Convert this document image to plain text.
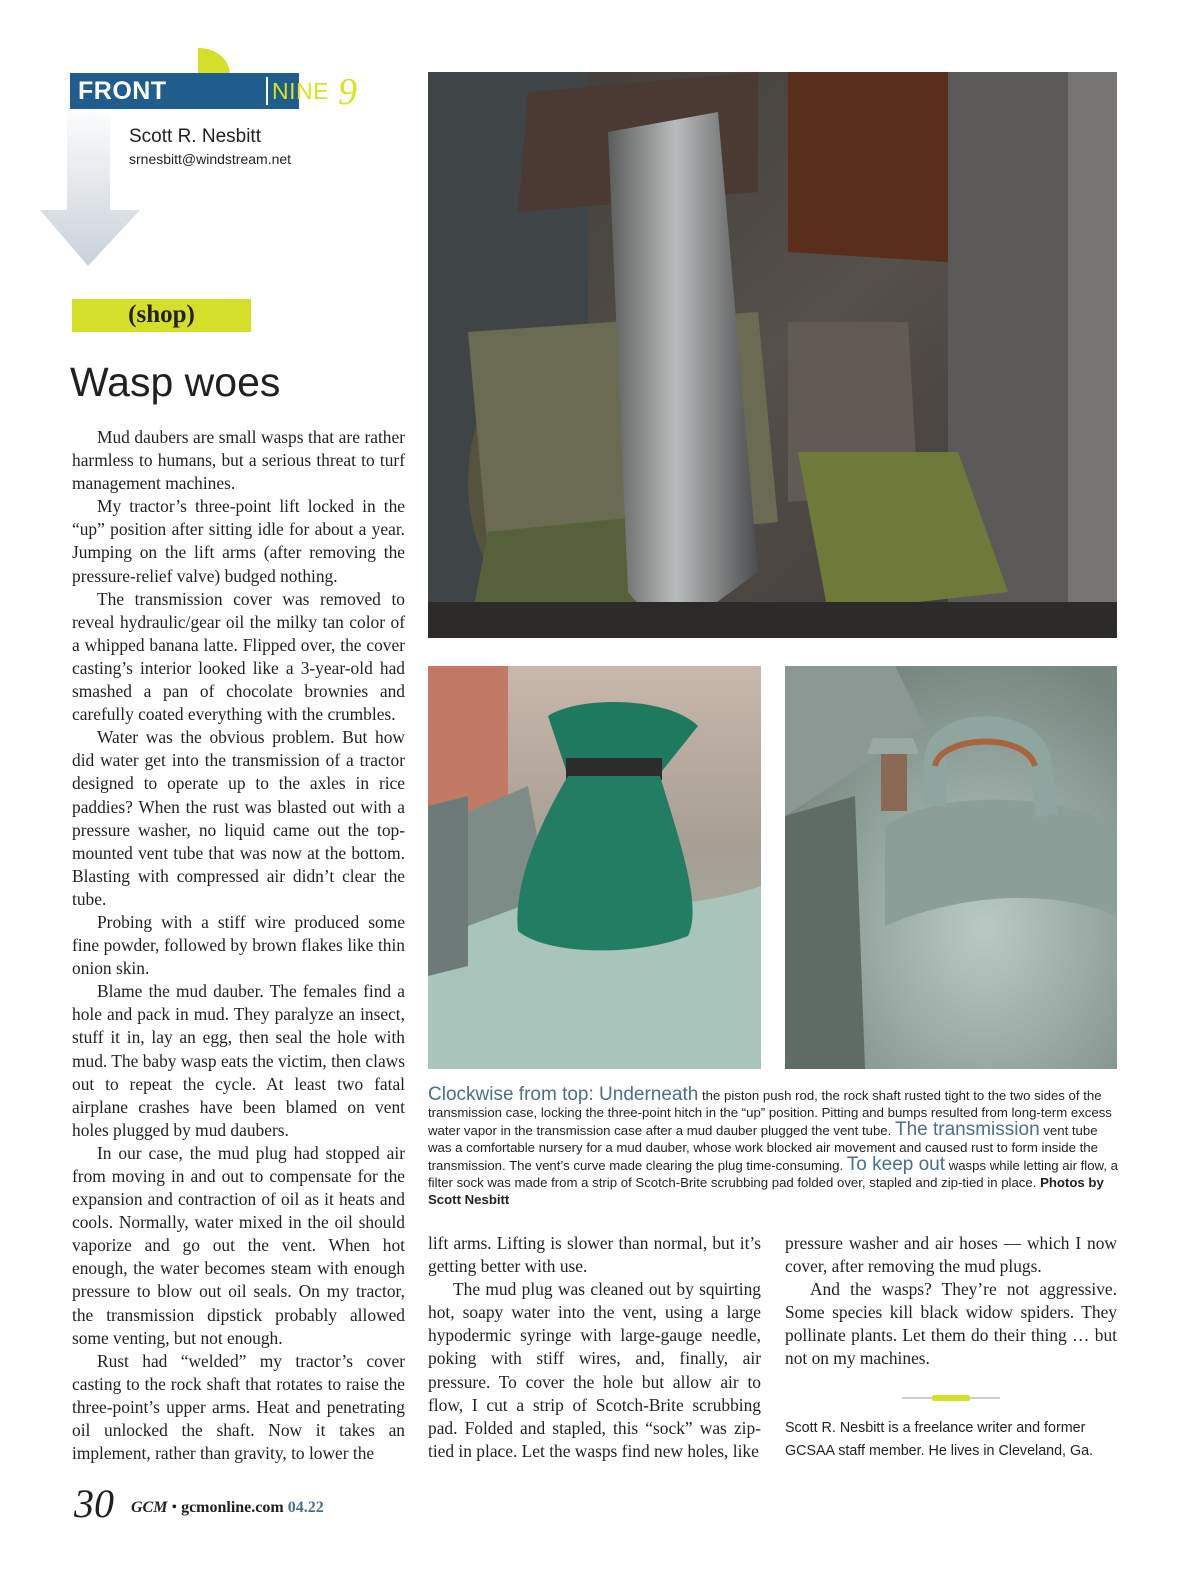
FRONT	NINE 9
Scott R. Nesbitt
srnesbitt@windstream.net
(shop)
Wasp woes

Mud daubers are small wasps that are rather harmless to humans, but a serious threat to turf management machines.

My tractor’s three-point lift locked in the “up” position after sitting idle for about a year. Jumping on the lift arms (after removing the pressure-relief valve) budged nothing.

The transmission cover was removed to reveal hydraulic/gear oil the milky tan color of a whipped banana latte. Flipped over, the cover casting’s interior looked like a 3-year-old had smashed a pan of chocolate brownies and carefully coated everything with the crumbles.

Water was the obvious problem. But how did water get into the transmission of a tractor designed to operate up to the axles in rice paddies? When the rust was blasted out with a pressure washer, no liquid came out the top-mounted vent tube that was now at the bottom. Blasting with compressed air didn’t clear the tube.

Probing with a stiff wire produced some fine powder, followed by brown flakes like thin onion skin.

Blame the mud dauber. The females find a hole and pack in mud. They paralyze an insect, stuff it in, lay an egg, then seal the hole with mud. The baby wasp eats the victim, then claws out to repeat the cycle. At least two fatal airplane crashes have been blamed on vent holes plugged by mud daubers.

In our case, the mud plug had stopped air from moving in and out to compensate for the expansion and contraction of oil as it heats and cools. Normally, water mixed in the oil should vaporize and go out the vent. When hot enough, the water becomes steam with enough pressure to blow out oil seals. On my tractor, the transmission dipstick probably allowed some venting, but not enough.

Rust had “welded” my tractor’s cover casting to the rock shaft that rotates to raise the three-point’s upper arms. Heat and penetrating oil unlocked the shaft. Now it takes an implement, rather than gravity, to lower the

lift arms. Lifting is slower than normal, but it’s getting better with use.

The mud plug was cleaned out by squirting hot, soapy water into the vent, using a large hypodermic syringe with large-gauge needle, poking with stiff wires, and, finally, air pressure. To cover the hole but allow air to flow, I cut a strip of Scotch-Brite scrubbing pad. Folded and stapled, this “sock” was zip-tied in place. Let the wasps find new holes, like

pressure washer and air hoses — which I now cover, after removing the mud plugs.

And the wasps? They’re not aggressive. Some species kill black widow spiders. They pollinate plants. Let them do their thing … but not on my machines.

Clockwise from top: Underneath the piston push rod, the rock shaft rusted tight to the two sides of the transmission case, locking the three-point hitch in the “up” position. Pitting and bumps resulted from long-term excess water vapor in the transmission case after a mud dauber plugged the vent tube. The transmission vent tube was a comfortable nursery for a mud dauber, whose work blocked air movement and caused rust to form inside the transmission. The vent’s curve made clearing the plug time-consuming. To keep out wasps while letting air flow, a filter sock was made from a strip of Scotch-Brite scrubbing pad folded over, stapled and zip-tied in place. Photos by Scott Nesbitt
Scott R. Nesbitt is a freelance writer and former GCSAA staff member. He lives in Cleveland, Ga.
30 GCM • gcmonline.com 04.22
